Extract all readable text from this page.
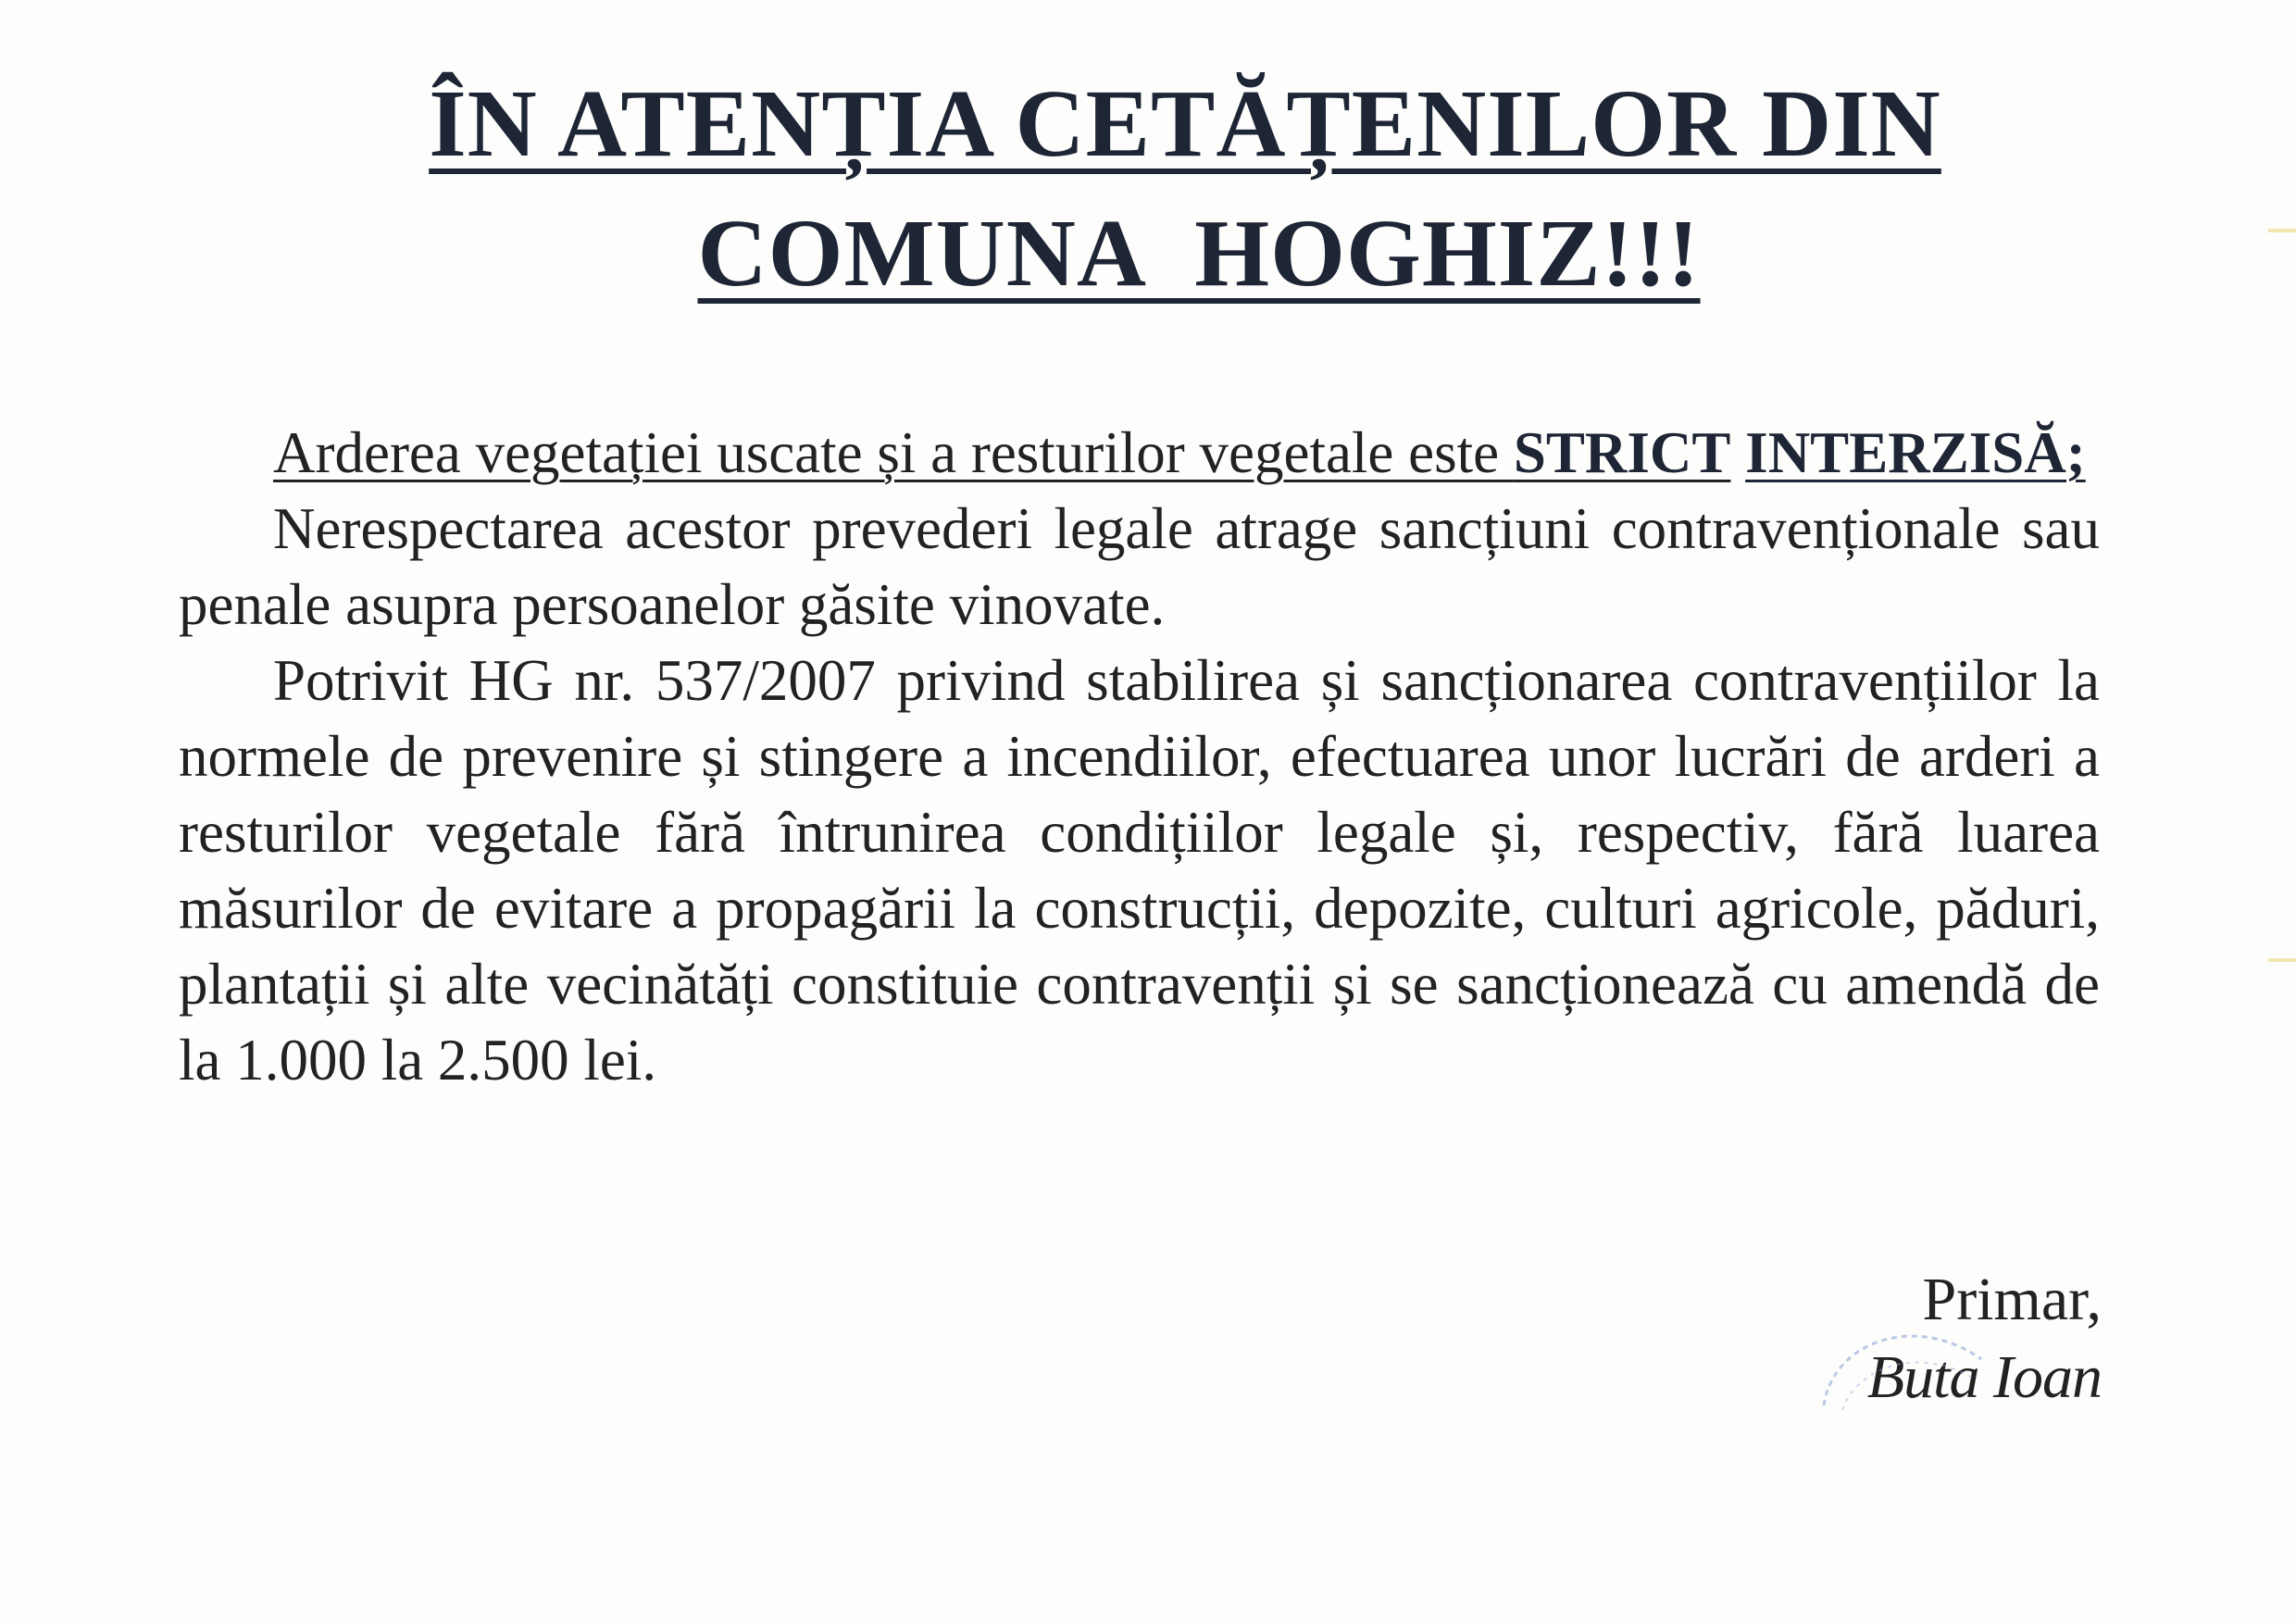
ÎN ATENȚIA CETĂȚENILOR DIN
COMUNA HOGHIZ!!!

Arderea vegetației uscate și a resturilor vegetale este STRICT INTERZISĂ;

Nerespectarea acestor prevederi legale atrage sancțiuni contravenționale sau penale asupra persoanelor găsite vinovate.

Potrivit HG nr. 537/2007 privind stabilirea și sancționarea contravențiilor la normele de prevenire și stingere a incendiilor, efectuarea unor lucrări de arderi a resturilor vegetale fără întrunirea condițiilor legale și, respectiv, fără luarea măsurilor de evitare a propagării la construcții, depozite, culturi agricole, păduri, plantații și alte vecinătăți constituie contravenții și se sancționează cu amendă de la 1.000 la 2.500 lei.

Primar,
Buta Ioan
